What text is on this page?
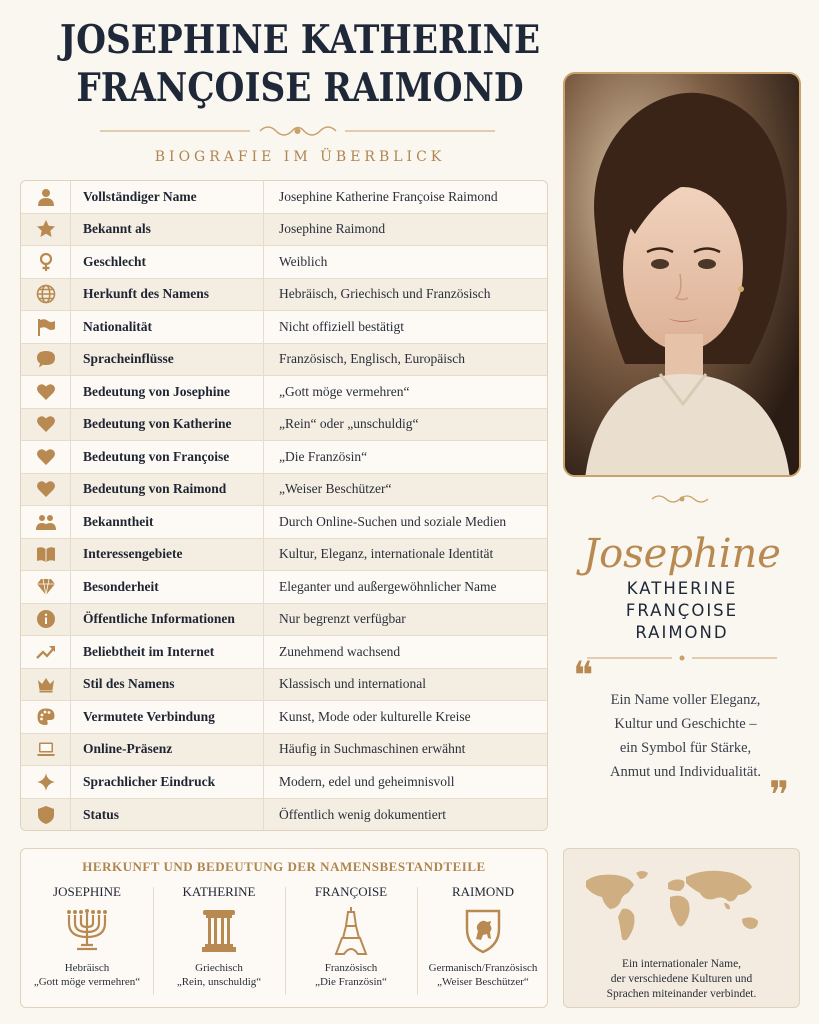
JOSEPHINE KATHERINE
FRANÇOISE RAIMOND
BIOGRAFIE IM ÜBERBLICK
Vollständiger Name	Josephine Katherine Françoise Raimond
Bekannt als	Josephine Raimond
Geschlecht	Weiblich
Herkunft des Namens	Hebräisch, Griechisch und Französisch
Nationalität	Nicht offiziell bestätigt
Spracheinflüsse	Französisch, Englisch, Europäisch
Bedeutung von Josephine	„Gott möge vermehren“
Bedeutung von Katherine	„Rein“ oder „unschuldig“
Bedeutung von Françoise	„Die Französin“
Bedeutung von Raimond	„Weiser Beschützer“
Bekanntheit	Durch Online-Suchen und soziale Medien
Interessengebiete	Kultur, Eleganz, internationale Identität
Besonderheit	Eleganter und außergewöhnlicher Name
Öffentliche Informationen	Nur begrenzt verfügbar
Beliebtheit im Internet	Zunehmend wachsend
Stil des Namens	Klassisch und international
Vermutete Verbindung	Kunst, Mode oder kulturelle Kreise
Online-Präsenz	Häufig in Suchmaschinen erwähnt
Sprachlicher Eindruck	Modern, edel und geheimnisvoll
Status	Öffentlich wenig dokumentiert
Josephine
KATHERINE
FRANÇOISE
RAIMOND
❝
Ein Name voller Eleganz,
Kultur und Geschichte –
ein Symbol für Stärke,
Anmut und Individualität.
❞
HERKUNFT UND BEDEUTUNG DER NAMENSBESTANDTEILE
JOSEPHINE
Hebräisch
„Gott möge vermehren“
KATHERINE
Griechisch
„Rein, unschuldig“
FRANÇOISE
Französisch
„Die Französin“
RAIMOND
Germanisch/Französisch
„Weiser Beschützer“
Ein internationaler Name,
der verschiedene Kulturen und
Sprachen miteinander verbindet.
